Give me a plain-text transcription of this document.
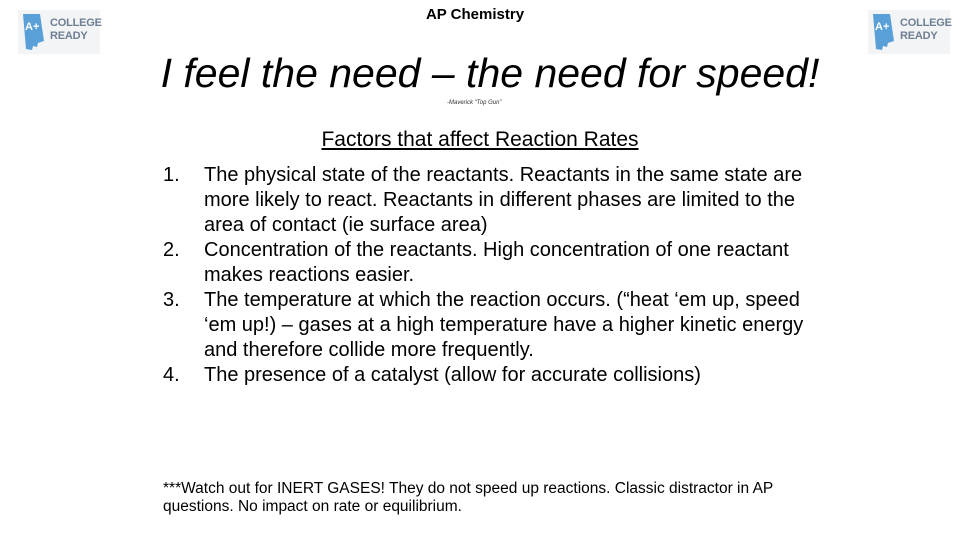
A+ COLLEGE
READY
A+ COLLEGE
READY
AP Chemistry
I feel the need – the need for speed!
-Maverick “Top Gun”
Factors that affect Reaction Rates
1. The physical state of the reactants. Reactants in the same state are more likely to react. Reactants in different phases are limited to the area of contact (ie surface area)
2. Concentration of the reactants. High concentration of one reactant makes reactions easier.
3. The temperature at which the reaction occurs. (“heat ‘em up, speed ‘em up!) – gases at a high temperature have a higher kinetic energy and therefore collide more frequently.
4. The presence of a catalyst (allow for accurate collisions)
***Watch out for INERT GASES! They do not speed up reactions. Classic distractor in AP questions. No impact on rate or equilibrium.
